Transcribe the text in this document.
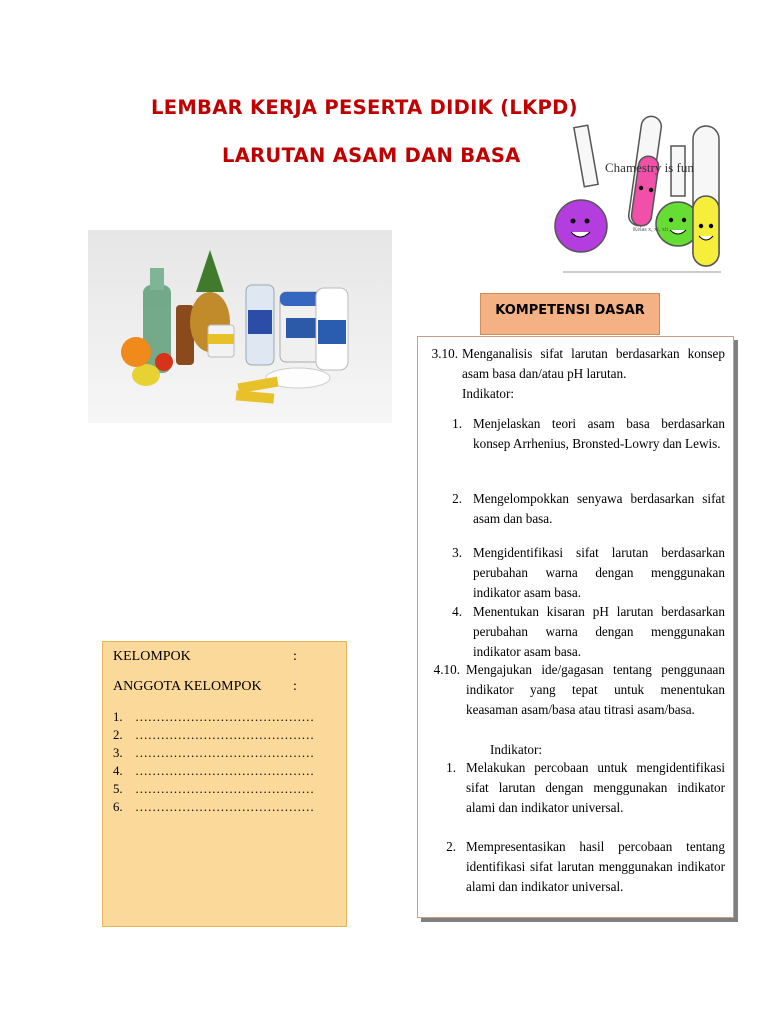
LEMBAR KERJA PESERTA DIDIK (LKPD)
LARUTAN ASAM DAN BASA
Chamestry is fun
Kelas x, xi, xii
KOMPETENSI DASAR
3.10. Menganalisis sifat larutan berdasarkan konsep asam basa dan/atau pH larutan.
Indikator:
1. Menjelaskan teori asam basa berdasarkan konsep Arrhenius, Bronsted-Lowry dan Lewis.
2. Mengelompokkan senyawa berdasarkan sifat asam dan basa.
3. Mengidentifikasi sifat larutan berdasarkan perubahan warna dengan menggunakan indikator asam basa.
4. Menentukan kisaran pH larutan berdasarkan perubahan warna dengan menggunakan indikator asam basa.
4.10. Mengajukan ide/gagasan tentang penggunaan indikator yang tepat untuk menentukan keasaman asam/basa atau titrasi asam/basa.
Indikator:
1. Melakukan percobaan untuk mengidentifikasi sifat larutan dengan menggunakan indikator alami dan indikator universal.
2. Mempresentasikan hasil percobaan tentang identifikasi sifat larutan menggunakan indikator alami dan indikator universal.
KELOMPOK	:
ANGGOTA KELOMPOK :
1. ……………………………………
2. ……………………………………
3. ……………………………………
4. ……………………………………
5. ……………………………………
6. ……………………………………
